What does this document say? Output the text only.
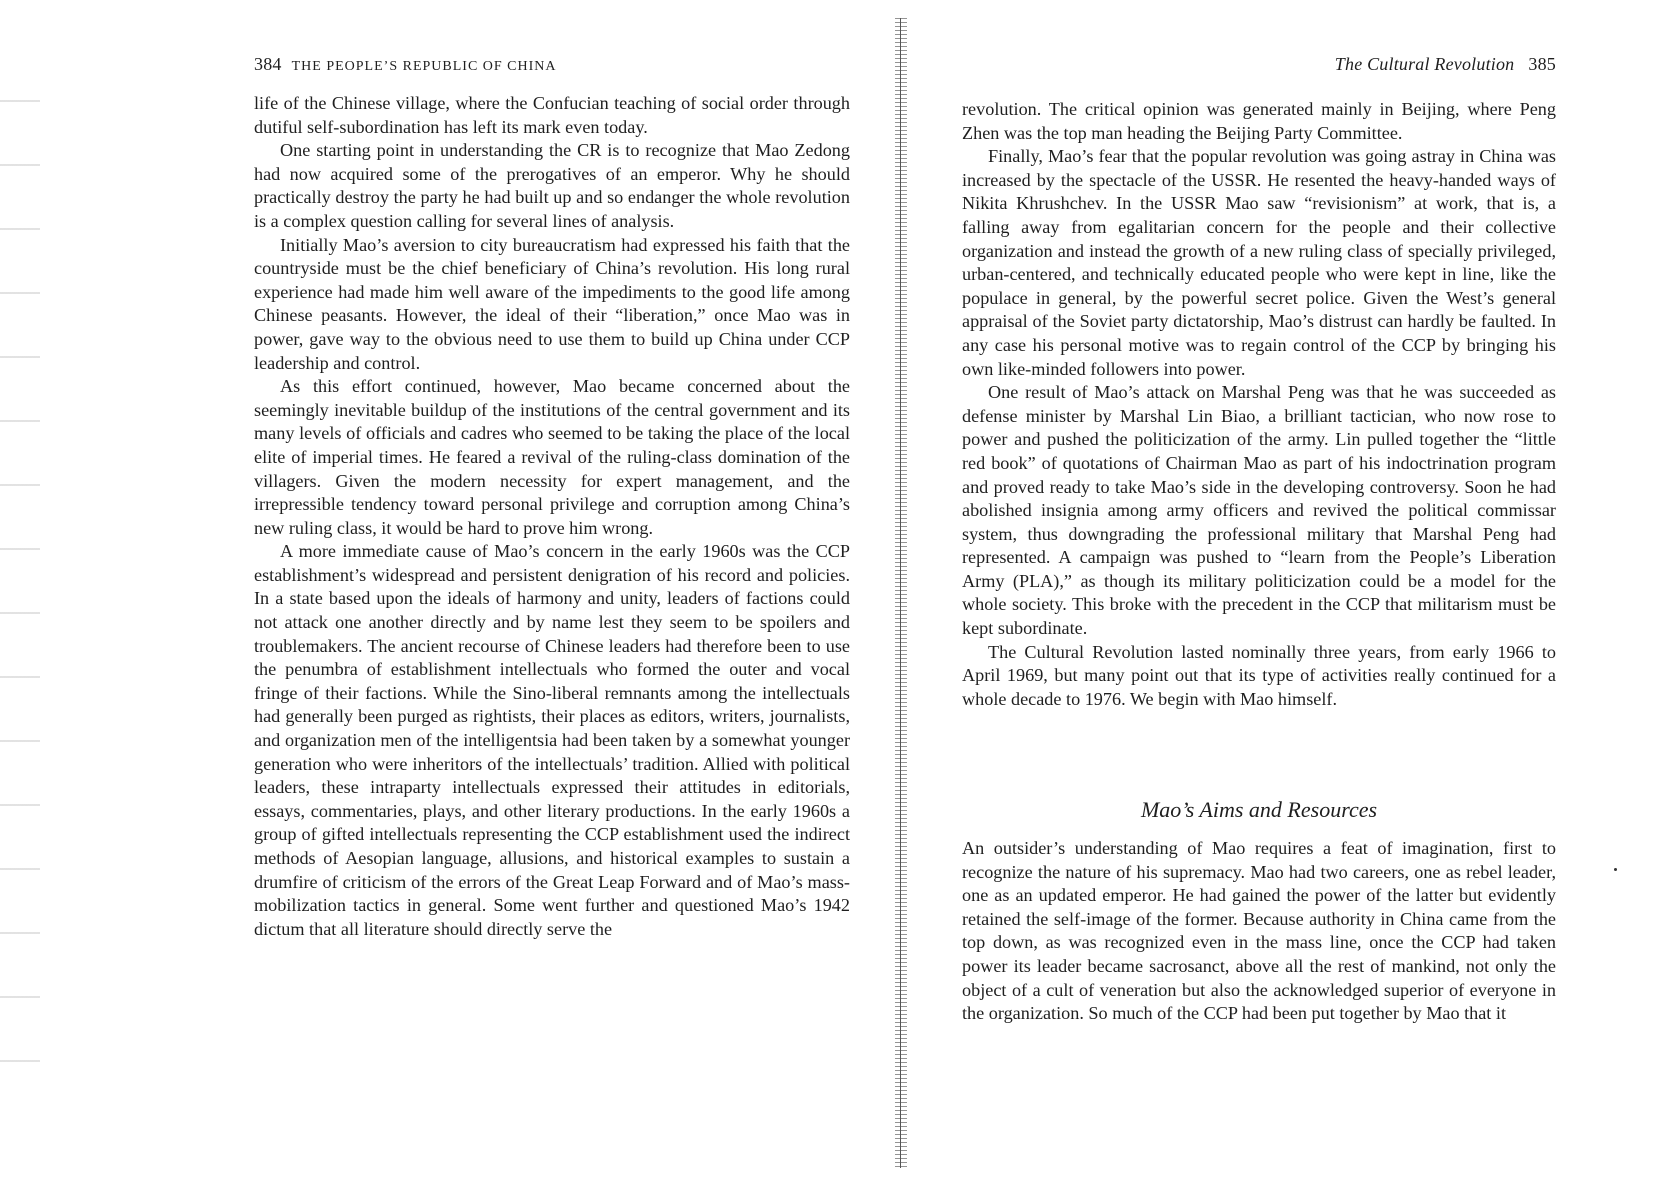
384 THE PEOPLE’S REPUBLIC OF CHINA

life of the Chinese village, where the Confucian teaching of social order through dutiful self-subordination has left its mark even today.

One starting point in understanding the CR is to recognize that Mao Zedong had now acquired some of the prerogatives of an emperor. Why he should practically destroy the party he had built up and so endanger the whole revolution is a complex question calling for several lines of analysis.

Initially Mao’s aversion to city bureaucratism had expressed his faith that the countryside must be the chief beneficiary of China’s revolution. His long rural experience had made him well aware of the impediments to the good life among Chinese peasants. However, the ideal of their “liberation,” once Mao was in power, gave way to the obvious need to use them to build up China under CCP leadership and control.

As this effort continued, however, Mao became concerned about the seemingly inevitable buildup of the institutions of the central government and its many levels of officials and cadres who seemed to be taking the place of the local elite of imperial times. He feared a revival of the ruling-class domination of the villagers. Given the modern necessity for expert management, and the irrepressible tendency toward personal privilege and corruption among China’s new ruling class, it would be hard to prove him wrong.

A more immediate cause of Mao’s concern in the early 1960s was the CCP establishment’s widespread and persistent denigration of his record and policies. In a state based upon the ideals of harmony and unity, leaders of factions could not attack one another directly and by name lest they seem to be spoilers and troublemakers. The ancient recourse of Chinese leaders had therefore been to use the penumbra of establishment intellectuals who formed the outer and vocal fringe of their factions. While the Sino-liberal remnants among the intellectuals had generally been purged as rightists, their places as editors, writers, journalists, and organization men of the intelligentsia had been taken by a somewhat younger generation who were inheritors of the intellectuals’ tradition. Allied with political leaders, these intraparty intellectuals expressed their attitudes in editorials, essays, commentaries, plays, and other literary productions. In the early 1960s a group of gifted intellectuals representing the CCP establishment used the indirect methods of Aesopian language, allusions, and historical examples to sustain a drumfire of criticism of the errors of the Great Leap Forward and of Mao’s mass-mobilization tactics in general. Some went further and questioned Mao’s 1942 dictum that all literature should directly serve the

The Cultural Revolution 385

revolution. The critical opinion was generated mainly in Beijing, where Peng Zhen was the top man heading the Beijing Party Committee.

Finally, Mao’s fear that the popular revolution was going astray in China was increased by the spectacle of the USSR. He resented the heavy-handed ways of Nikita Khrushchev. In the USSR Mao saw “revisionism” at work, that is, a falling away from egalitarian concern for the people and their collective organization and instead the growth of a new ruling class of specially privileged, urban-centered, and technically educated people who were kept in line, like the populace in general, by the powerful secret police. Given the West’s general appraisal of the Soviet party dictatorship, Mao’s distrust can hardly be faulted. In any case his personal motive was to regain control of the CCP by bringing his own like-minded followers into power.

One result of Mao’s attack on Marshal Peng was that he was succeeded as defense minister by Marshal Lin Biao, a brilliant tactician, who now rose to power and pushed the politicization of the army. Lin pulled together the “little red book” of quotations of Chairman Mao as part of his indoctrination program and proved ready to take Mao’s side in the developing controversy. Soon he had abolished insignia among army officers and revived the political commissar system, thus downgrading the professional military that Marshal Peng had represented. A campaign was pushed to “learn from the People’s Liberation Army (PLA),” as though its military politicization could be a model for the whole society. This broke with the precedent in the CCP that militarism must be kept subordinate.

The Cultural Revolution lasted nominally three years, from early 1966 to April 1969, but many point out that its type of activities really continued for a whole decade to 1976. We begin with Mao himself.

Mao’s Aims and Resources

An outsider’s understanding of Mao requires a feat of imagination, first to recognize the nature of his supremacy. Mao had two careers, one as rebel leader, one as an updated emperor. He had gained the power of the latter but evidently retained the self-image of the former. Because authority in China came from the top down, as was recognized even in the mass line, once the CCP had taken power its leader became sacrosanct, above all the rest of mankind, not only the object of a cult of veneration but also the acknowledged superior of everyone in the organization. So much of the CCP had been put together by Mao that it
